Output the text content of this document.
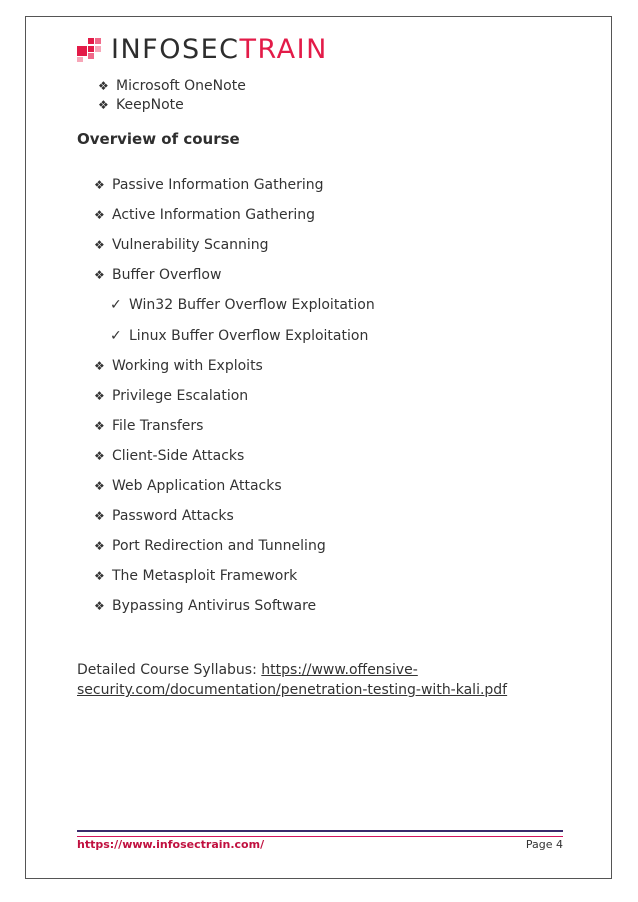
INFOSECTRAIN
❖ Microsoft OneNote
❖ KeepNote
Overview of course
❖ Passive Information Gathering
❖ Active Information Gathering
❖ Vulnerability Scanning
❖ Buffer Overflow
✓ Win32 Buffer Overflow Exploitation
✓ Linux Buffer Overflow Exploitation
❖ Working with Exploits
❖ Privilege Escalation
❖ File Transfers
❖ Client-Side Attacks
❖ Web Application Attacks
❖ Password Attacks
❖ Port Redirection and Tunneling
❖ The Metasploit Framework
❖ Bypassing Antivirus Software
Detailed Course Syllabus: https://www.offensive-security.com/documentation/penetration-testing-with-kali.pdf
https://www.infosectrain.com/	Page 4
